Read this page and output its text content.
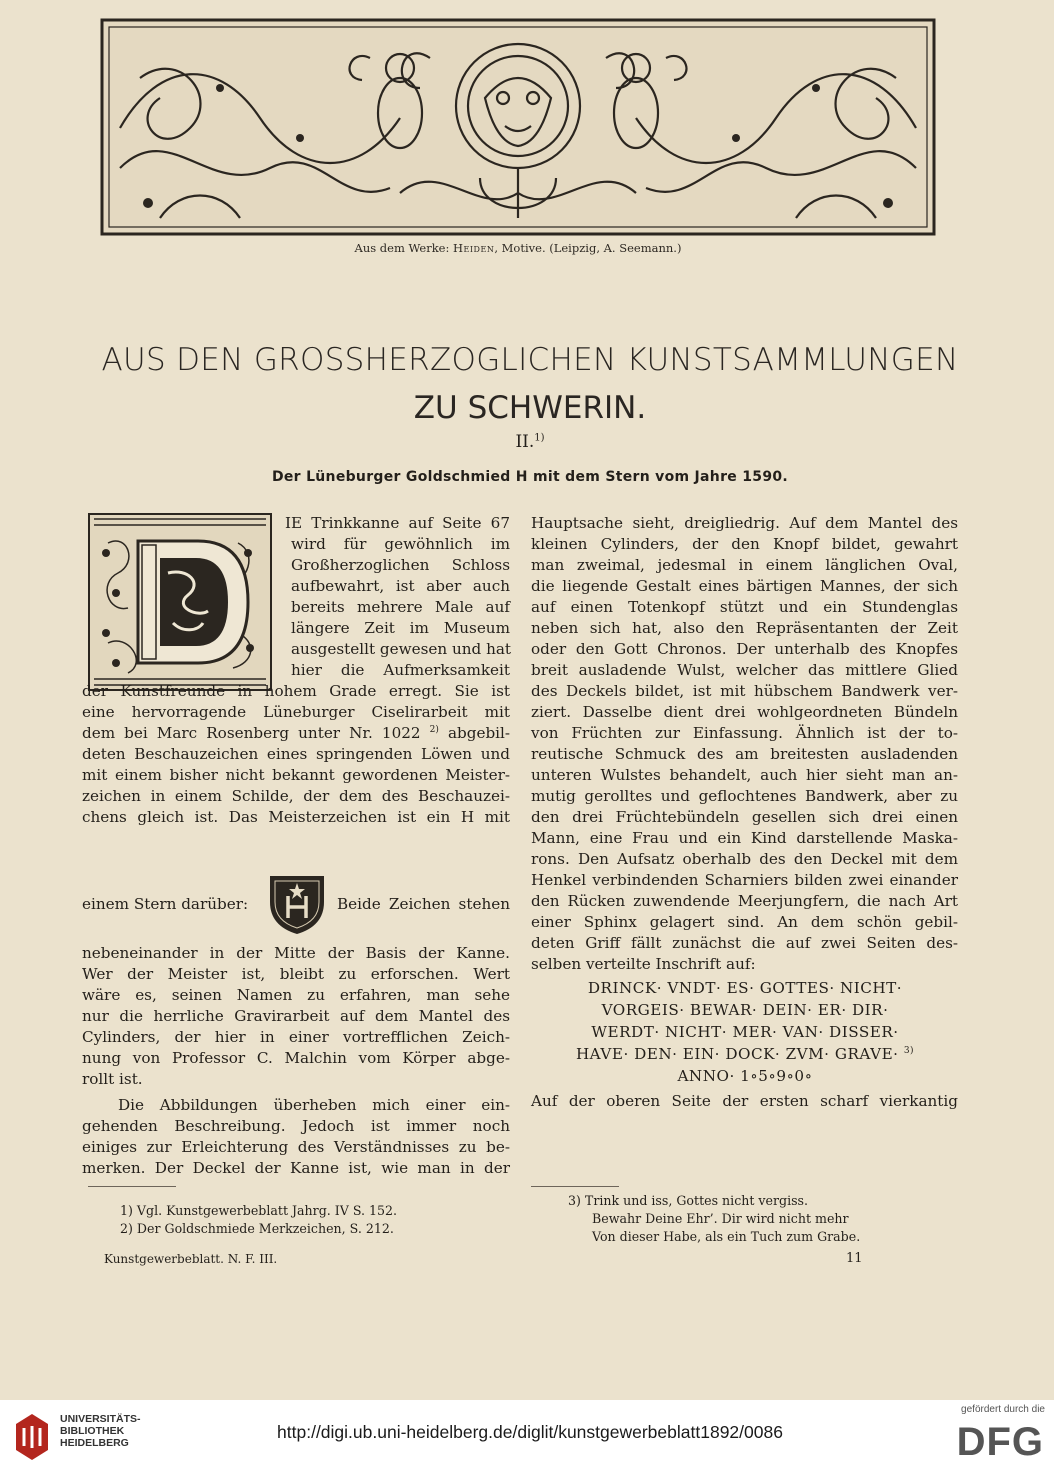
Aus dem Werke: Heiden, Motive. (Leipzig, A. Seemann.)
AUS DEN GROSSHERZOGLICHEN KUNSTSAMMLUNGEN
ZU SCHWERIN.
II.$^{1)}$
Der Lüneburger Goldschmied H mit dem Stern vom Jahre 1590.
IE Trinkkanne auf Seite 67
wird für gewöhnlich im
Großherzoglichen Schloss
aufbewahrt, ist aber auch
bereits mehrere Male auf
längere Zeit im Museum
ausgestellt gewesen und hat
hier die Aufmerksamkeit
der Kunstfreunde in hohem Grade erregt. Sie ist
eine hervorragende Lüneburger Ciselirarbeit mit
dem bei Marc Rosenberg unter Nr. 1022 $^{2)}$ abgebil-
deten Beschauzeichen eines springenden Löwen und
mit einem bisher nicht bekannt gewordenen Meister-
zeichen in einem Schilde, der dem des Beschauzei-
chens gleich ist. Das Meisterzeichen ist ein H mit
einem Stern darüber:	Beide Zeichen stehen
nebeneinander in der Mitte der Basis der Kanne.
Wer der Meister ist, bleibt zu erforschen. Wert
wäre es, seinen Namen zu erfahren, man sehe
nur die herrliche Gravirarbeit auf dem Mantel des
Cylinders, der hier in einer vortrefflichen Zeich-
nung von Professor C. Malchin vom Körper abge-
rollt ist.
Die Abbildungen überheben mich einer ein-
gehenden Beschreibung. Jedoch ist immer noch
einiges zur Erleichterung des Verständnisses zu be-
merken. Der Deckel der Kanne ist, wie man in der
Hauptsache sieht, dreigliedrig. Auf dem Mantel des
kleinen Cylinders, der den Knopf bildet, gewahrt
man zweimal, jedesmal in einem länglichen Oval,
die liegende Gestalt eines bärtigen Mannes, der sich
auf einen Totenkopf stützt und ein Stundenglas
neben sich hat, also den Repräsentanten der Zeit
oder den Gott Chronos. Der unterhalb des Knopfes
breit ausladende Wulst, welcher das mittlere Glied
des Deckels bildet, ist mit hübschem Bandwerk ver-
ziert. Dasselbe dient drei wohlgeordneten Bündeln
von Früchten zur Einfassung. Ähnlich ist der to-
reutische Schmuck des am breitesten ausladenden
unteren Wulstes behandelt, auch hier sieht man an-
mutig gerolltes und geflochtenes Bandwerk, aber zu
den drei Früchtebündeln gesellen sich drei einen
Mann, eine Frau und ein Kind darstellende Maska-
rons. Den Aufsatz oberhalb des den Deckel mit dem
Henkel verbindenden Scharniers bilden zwei einander
den Rücken zuwendende Meerjungfern, die nach Art
einer Sphinx gelagert sind. An dem schön gebil-
deten Griff fällt zunächst die auf zwei Seiten des-
selben verteilte Inschrift auf:
DRINCK· VNDT· ES· GOTTES· NICHT·
VORGEIS· BEWAR· DEIN· ER· DIR·
WERDT· NICHT· MER· VAN· DISSER·
HAVE· DEN· EIN· DOCK· ZVM· GRAVE· $^{3)}$
ANNO· 1∘5∘9∘0∘
Auf der oberen Seite der ersten scharf vierkantig
1) Vgl. Kunstgewerbeblatt Jahrg. IV S. 152.
2) Der Goldschmiede Merkzeichen, S. 212.
3) Trink und iss, Gottes nicht vergiss.
Bewahr Deine Ehr’. Dir wird nicht mehr
Von dieser Habe, als ein Tuch zum Grabe.
Kunstgewerbeblatt. N. F. III.	11
UNIVERSITÄTS-
BIBLIOTHEK
HEIDELBERG
http://digi.ub.uni-heidelberg.de/diglit/kunstgewerbeblatt1892/0086
gefördert durch die
DFG
